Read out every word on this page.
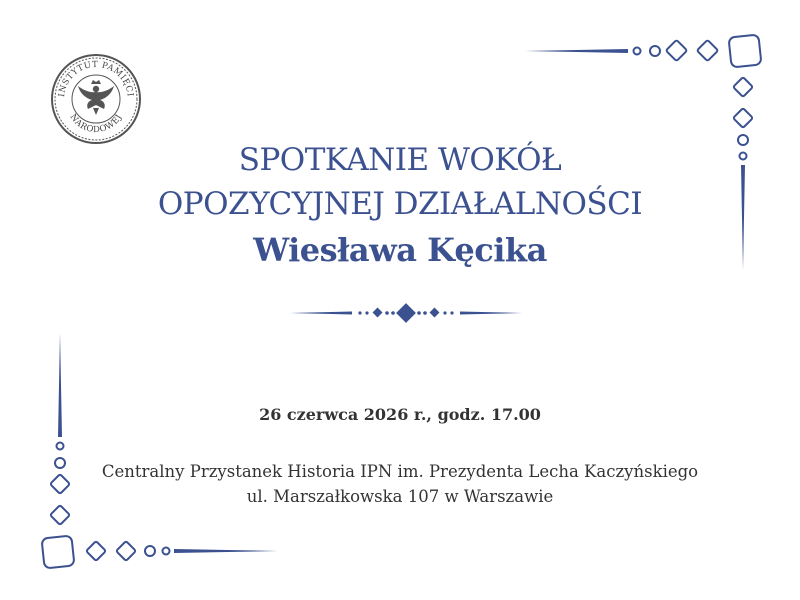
INSTYTUT PAMIĘCI
NARODOWEJ
SPOTKANIE WOKÓŁ
OPOZYCYJNEJ DZIAŁALNOŚCI
Wiesława Kęcika
26 czerwca 2026 r., godz. 17.00
Centralny Przystanek Historia IPN im. Prezydenta Lecha Kaczyńskiego
ul. Marszałkowska 107 w Warszawie
